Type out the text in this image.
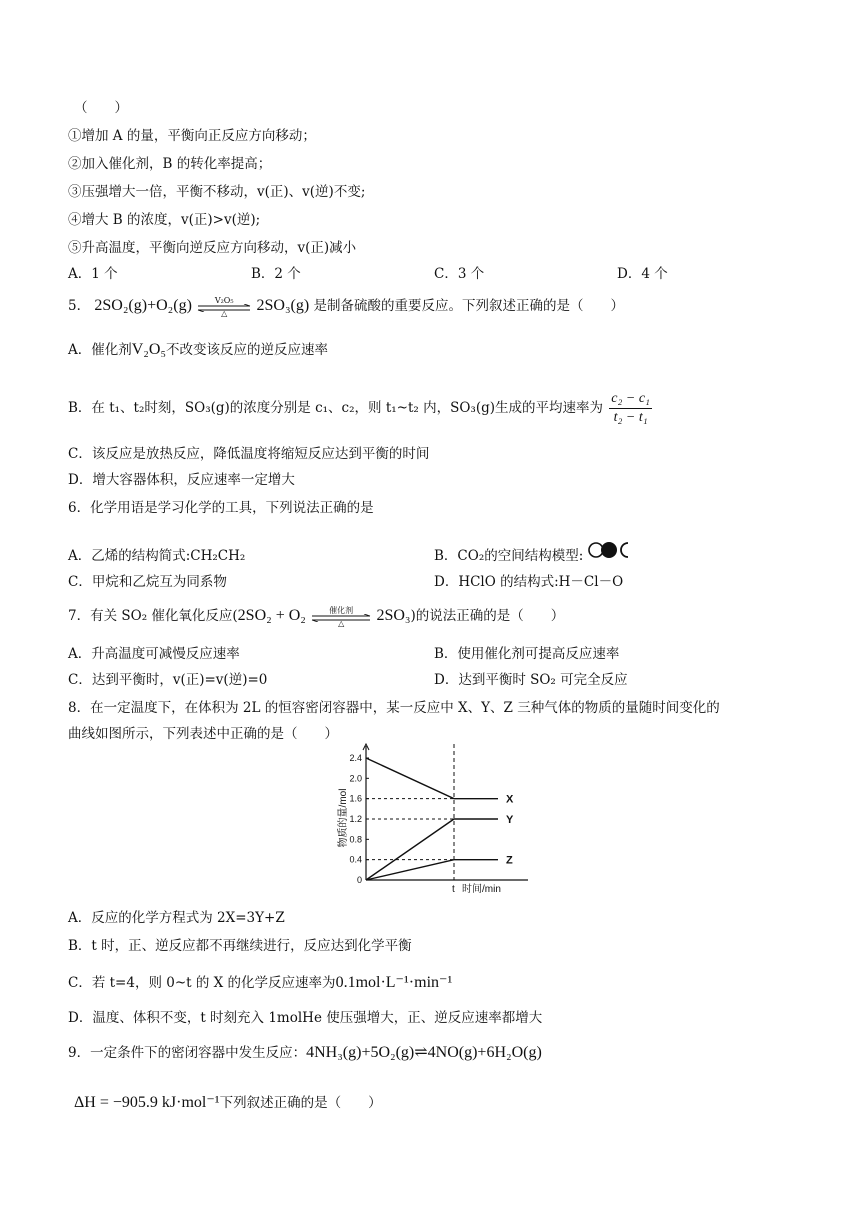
（　　）
①增加 A 的量，平衡向正反应方向移动；
②加入催化剂，B 的转化率提高；
③压强增大一倍，平衡不移动，v(正)、v(逆)不变;
④增大 B 的浓度，v(正)>v(逆);
⑤升高温度，平衡向逆反应方向移动，v(正)减小
A．1 个	B．2 个	C．3 个	D．4 个
5． 2SO₂(g)+O₂(g)	V₂O₅
△	2SO₃(g) 是制备硫酸的重要反应。下列叙述正确的是（　　）
A．催化剂V₂O₅不改变该反应的逆反应速率
B．在 t₁、t₂时刻，SO₃(g)的浓度分别是 c₁、c₂，则 t₁~t₂ 内，SO₃(g)生成的平均速率为 $\frac{\text{c₂ − c₁}}{\text{t₂ − t₁}}$
C．该反应是放热反应，降低温度将缩短反应达到平衡的时间
D．增大容器体积，反应速率一定增大
6．化学用语是学习化学的工具，下列说法正确的是
A．乙烯的结构简式:CH₂CH₂	B．CO₂的空间结构模型:
C．甲烷和乙烷互为同系物	D．HClO 的结构式:H－Cl－O
7．有关 SO₂ 催化氧化反应(2SO₂ + O₂	催化剂
△	2SO₃)的说法正确的是（　　）
A．升高温度可减慢反应速率	B．使用催化剂可提高反应速率
C．达到平衡时，v(正)=v(逆)=0	D．达到平衡时 SO₂ 可完全反应
8．在一定温度下，在体积为 2L 的恒容密闭容器中，某一反应中 X、Y、Z 三种气体的物质的量随时间变化的
曲线如图所示，下列表述中正确的是（　　）
0
0.4
0.8
1.2
1.6
2.0
2.4
物质的量/mol
t 时间/min
X
Y
Z
A．反应的化学方程式为 2X=3Y+Z
B．t 时，正、逆反应都不再继续进行，反应达到化学平衡
C．若 t=4，则 0~t 的 X 的化学反应速率为0.1mol·L⁻¹·min⁻¹
D．温度、体积不变，t 时刻充入 1molHe 使压强增大，正、逆反应速率都增大
9．一定条件下的密闭容器中发生反应：4NH₃(g)+5O₂(g)⇌4NO(g)+6H₂O(g)
ΔH = −905.9 kJ·mol⁻¹下列叙述正确的是（　　）
